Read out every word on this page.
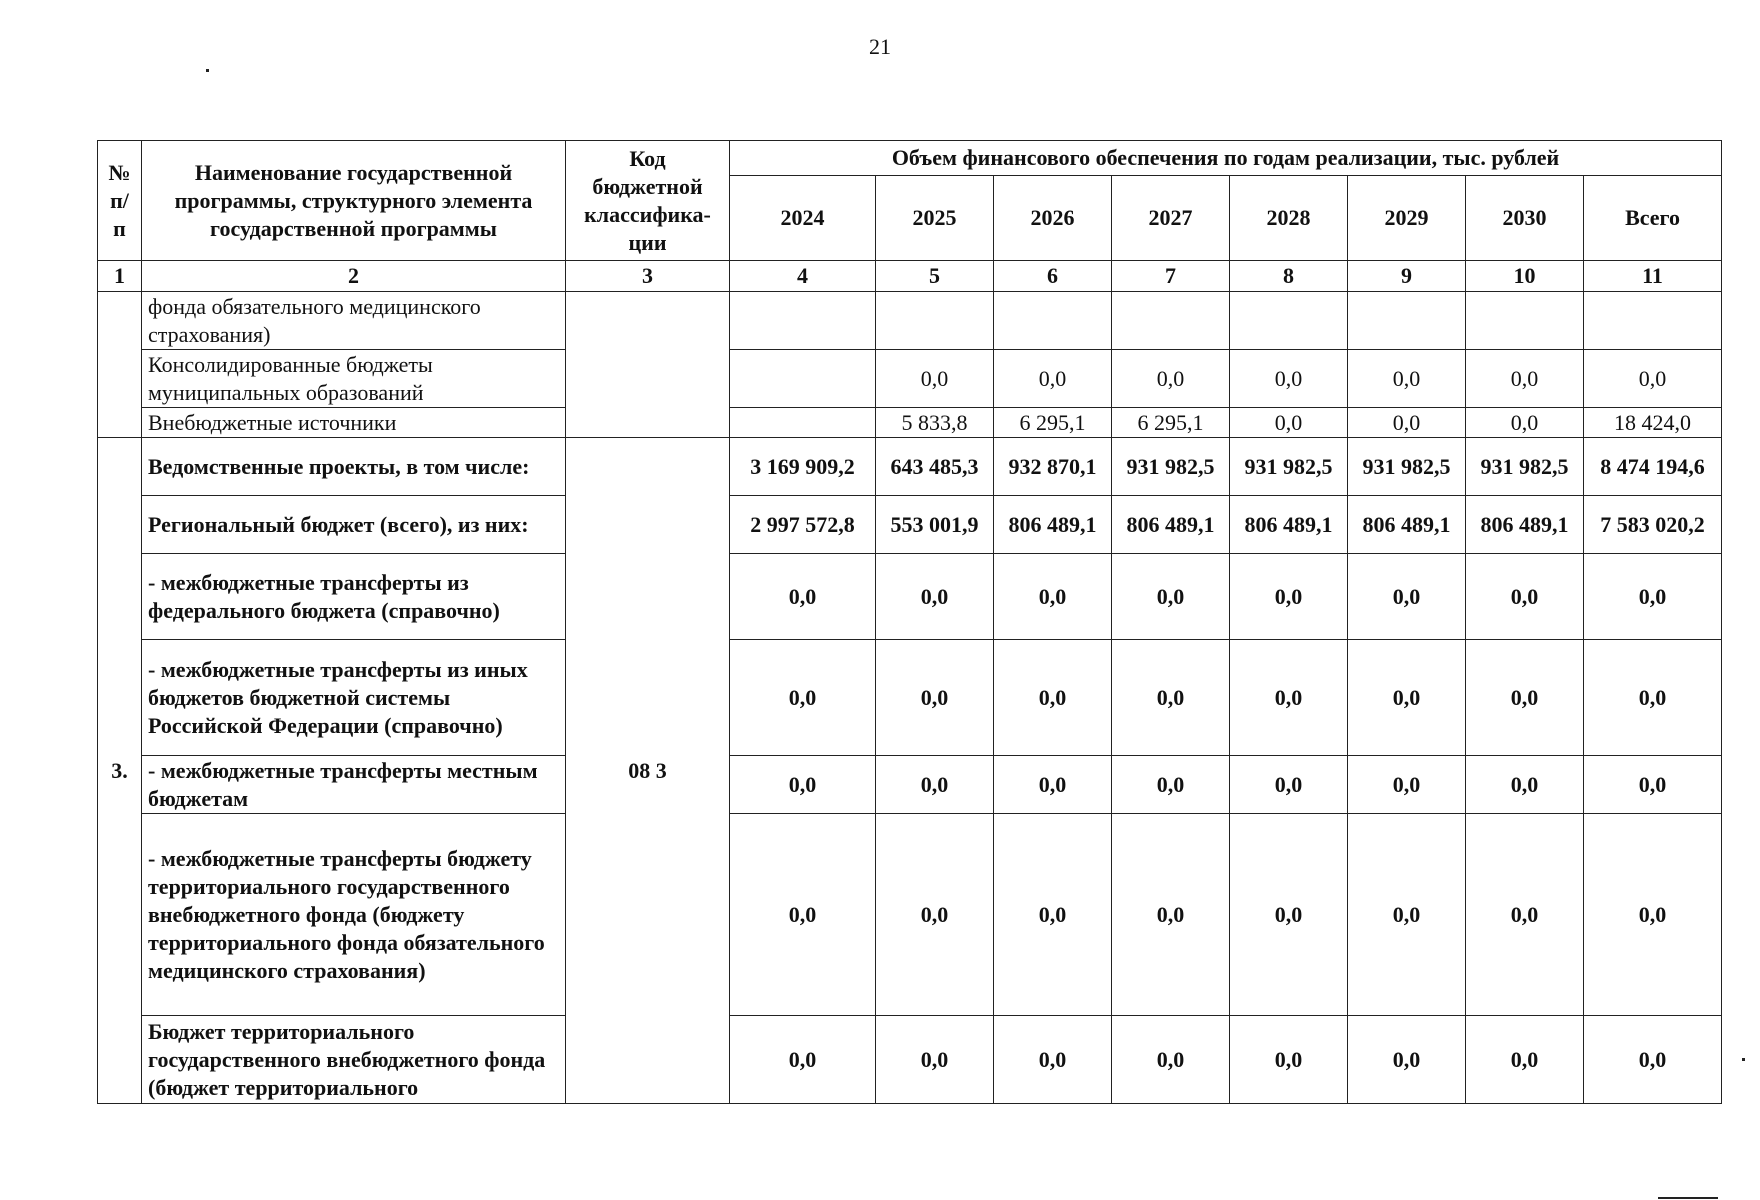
21
№ п/п	Наименование государственной программы, структурного элемента государственной программы	Код бюджетной классифика-ции	Объем финансового обеспечения по годам реализации, тыс. рублей							
			2024	2025	2026	2027	2028	2029	2030	Всего
1	2	3	4	5	6	7	8	9	10	11
	фонда обязательного медицинского страхования)									
	Консолидированные бюджеты муниципальных образований			0,0	0,0	0,0	0,0	0,0	0,0	0,0
	Внебюджетные источники			5 833,8	6 295,1	6 295,1	0,0	0,0	0,0	18 424,0
3.	Ведомственные проекты, в том числе:	08 3	3 169 909,2	643 485,3	932 870,1	931 982,5	931 982,5	931 982,5	931 982,5	8 474 194,6
	Региональный бюджет (всего), из них:		2 997 572,8	553 001,9	806 489,1	806 489,1	806 489,1	806 489,1	806 489,1	7 583 020,2
	- межбюджетные трансферты из федерального бюджета (справочно)		0,0	0,0	0,0	0,0	0,0	0,0	0,0	0,0
	- межбюджетные трансферты из иных бюджетов бюджетной системы Российской Федерации (справочно)		0,0	0,0	0,0	0,0	0,0	0,0	0,0	0,0
	- межбюджетные трансферты местным бюджетам		0,0	0,0	0,0	0,0	0,0	0,0	0,0	0,0
	- межбюджетные трансферты бюджету территориального государственного внебюджетного фонда (бюджету территориального фонда обязательного медицинского страхования)		0,0	0,0	0,0	0,0	0,0	0,0	0,0	0,0
	Бюджет территориального государственного внебюджетного фонда (бюджет территориального		0,0	0,0	0,0	0,0	0,0	0,0	0,0	0,0
